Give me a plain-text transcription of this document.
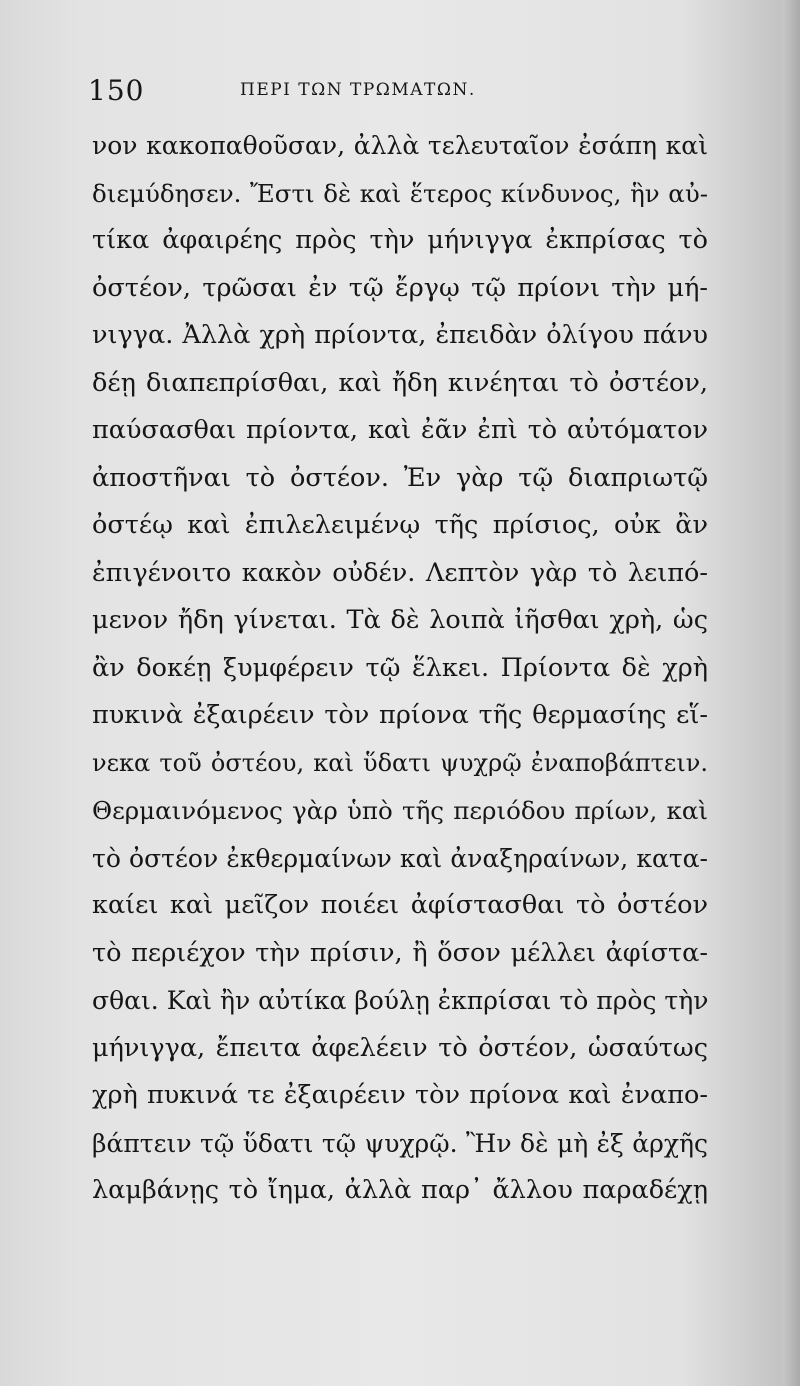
150	ΠΕΡΙ ΤΩΝ ΤΡΩΜΑΤΩΝ.
νον κακοπαθοῦσαν, ἀλλὰ τελευταῖον ἐσάπη καὶ
διεμύδησεν. Ἔστι δὲ καὶ ἕτερος κίνδυνος, ἣν αὐ-
τίκα ἀφαιρέης πρὸς τὴν μήνιγγα ἐκπρίσας τὸ
ὀστέον, τρῶσαι ἐν τῷ ἔργῳ τῷ πρίονι τὴν μή-
νιγγα. Ἀλλὰ χρὴ πρίοντα, ἐπειδὰν ὀλίγου πάνυ
δέῃ διαπεπρίσθαι, καὶ ἤδη κινέηται τὸ ὀστέον,
παύσασθαι πρίοντα, καὶ ἐᾶν ἐπὶ τὸ αὐτόματον
ἀποστῆναι τὸ ὀστέον. Ἐν γὰρ τῷ διαπριωτῷ
ὀστέῳ καὶ ἐπιλελειμένῳ τῆς πρίσιος, οὐκ ἂν
ἐπιγένοιτο κακὸν οὐδέν. Λεπτὸν γὰρ τὸ λειπό-
μενον ἤδη γίνεται. Τὰ δὲ λοιπὰ ἰῆσθαι χρὴ, ὡς
ἂν δοκέῃ ξυμφέρειν τῷ ἕλκει. Πρίοντα δὲ χρὴ
πυκινὰ ἐξαιρέειν τὸν πρίονα τῆς θερμασίης εἵ-
νεκα τοῦ ὀστέου, καὶ ὕδατι ψυχρῷ ἐναποβάπτειν.
Θερμαινόμενος γὰρ ὑπὸ τῆς περιόδου πρίων, καὶ
τὸ ὀστέον ἐκθερμαίνων καὶ ἀναξηραίνων, κατα-
καίει καὶ μεῖζον ποιέει ἀφίστασθαι τὸ ὀστέον
τὸ περιέχον τὴν πρίσιν, ἢ ὅσον μέλλει ἀφίστα-
σθαι. Καὶ ἢν αὐτίκα βούλῃ ἐκπρίσαι τὸ πρὸς τὴν
μήνιγγα, ἔπειτα ἀφελέειν τὸ ὀστέον, ὡσαύτως
χρὴ πυκινά τε ἐξαιρέειν τὸν πρίονα καὶ ἐναπο-
βάπτειν τῷ ὕδατι τῷ ψυχρῷ. Ἢν δὲ μὴ ἐξ ἀρχῆς
λαμβάνῃς τὸ ἴημα, ἀλλὰ παρ᾽ ἄλλου παραδέχῃ
